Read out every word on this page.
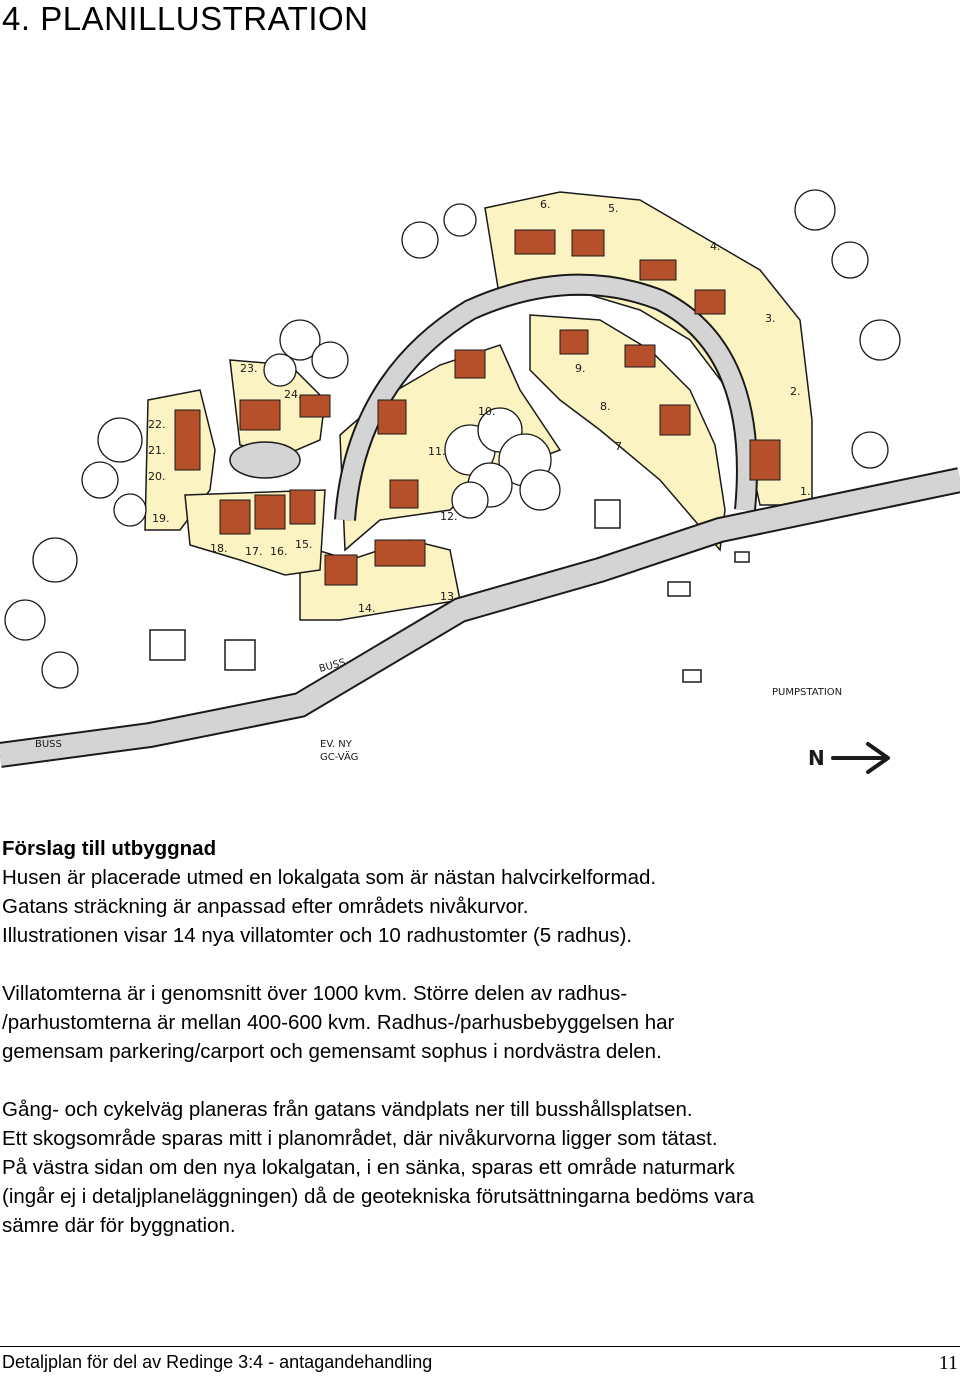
4. PLANILLUSTRATION
1.
2.
3.
4.
5.
6.
7.
8.
9.
10.
11.
12.
13.
14.
15.
16.
17.
18.
19.
20.
21.
22.
23.
24.
BUSS
BUSS
PUMPSTATION
EV. NY
GC-VÄG	N

Förslag till utbyggnad

Husen är placerade utmed en lokalgata som är nästan halvcirkelformad.

Gatans sträckning är anpassad efter områdets nivåkurvor.

Illustrationen visar 14 nya villatomter och 10 radhustomter (5 radhus).

Villatomterna är i genomsnitt över 1000 kvm. Större delen av radhus-

/parhustomterna är mellan 400-600 kvm. Radhus-/parhusbebyggelsen har

gemensam parkering/carport och gemensamt sophus i nordvästra delen.

Gång- och cykelväg planeras från gatans vändplats ner till busshållsplatsen.

Ett skogsområde sparas mitt i planområdet, där nivåkurvorna ligger som tätast.

På västra sidan om den nya lokalgatan, i en sänka, sparas ett område naturmark

(ingår ej i detaljplaneläggningen) då de geotekniska förutsättningarna bedöms vara

sämre där för byggnation.

Detaljplan för del av Redinge 3:4 - antagandehandling	11
